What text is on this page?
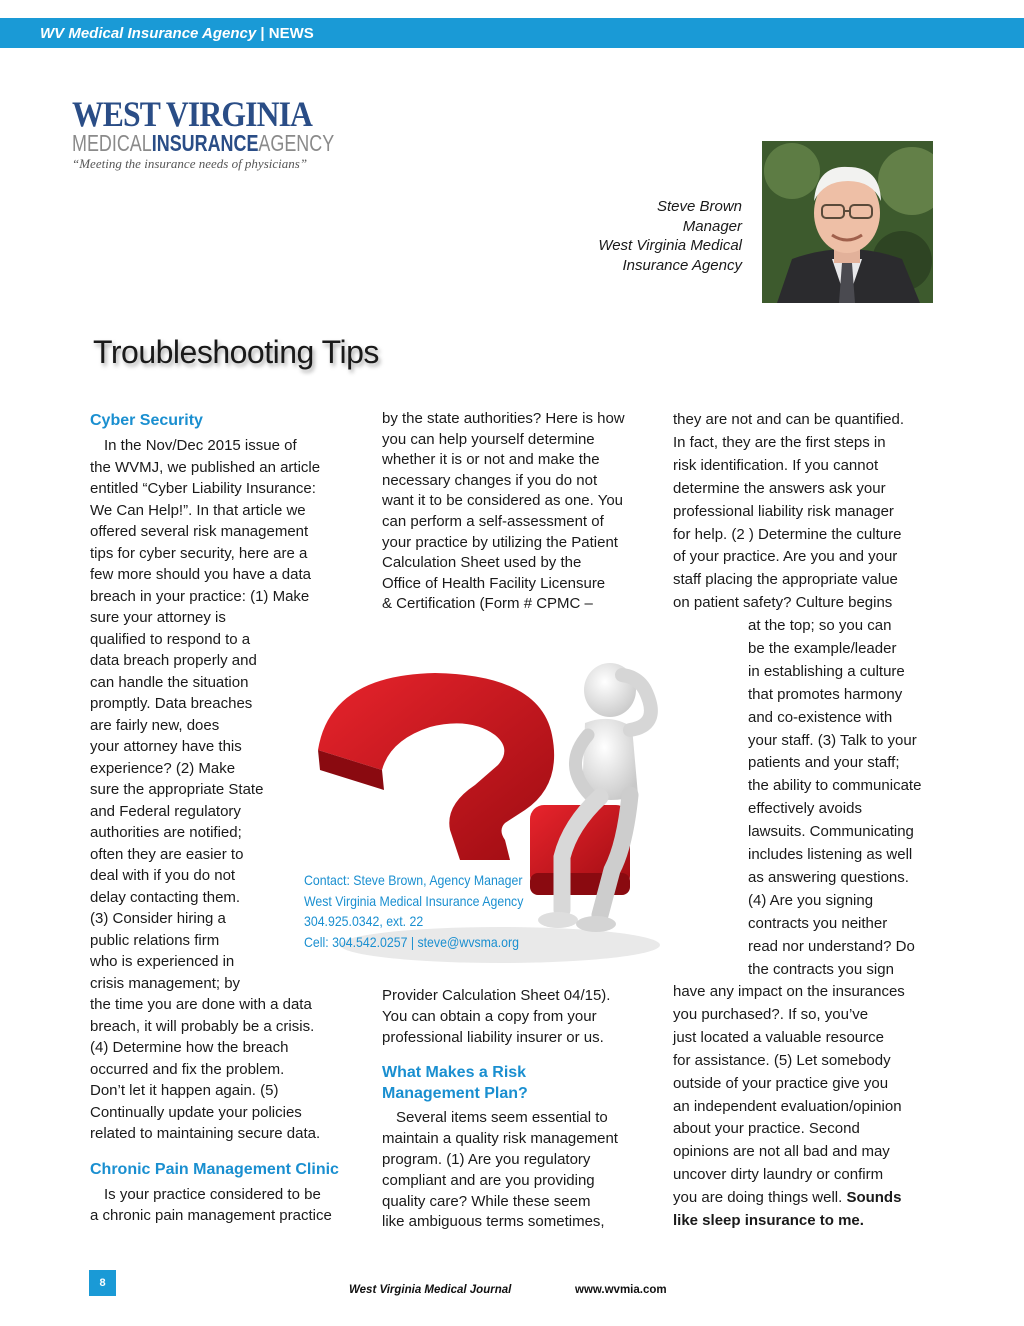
WV Medical Insurance Agency | NEWS
WEST VIRGINIA
MEDICALINSURANCEAGENCY
“Meeting the insurance needs of physicians”
Steve Brown
Manager
West Virginia Medical
Insurance Agency
Troubleshooting Tips
Cyber Security
In the Nov/Dec 2015 issue of
the WVMJ, we published an article
entitled “Cyber Liability Insurance:
We Can Help!”. In that article we
offered several risk management
tips for cyber security, here are a
few more should you have a data
breach in your practice: (1) Make
sure your attorney is
qualified to respond to a
data breach properly and
can handle the situation
promptly. Data breaches
are fairly new, does
your attorney have this
experience? (2) Make
sure the appropriate State
and Federal regulatory
authorities are notified;
often they are easier to
deal with if you do not
delay contacting them.
(3) Consider hiring a
public relations firm
who is experienced in
crisis management; by
the time you are done with a data
breach, it will probably be a crisis.
(4) Determine how the breach
occurred and fix the problem.
Don’t let it happen again. (5)
Continually update your policies
related to maintaining secure data.
Chronic Pain Management Clinic
Is your practice considered to be
a chronic pain management practice
by the state authorities? Here is how
you can help yourself determine
whether it is or not and make the
necessary changes if you do not
want it to be considered as one. You
can perform a self-assessment of
your practice by utilizing the Patient
Calculation Sheet used by the
Office of Health Facility Licensure
& Certification (Form # CPMC –
Provider Calculation Sheet 04/15).
You can obtain a copy from your
professional liability insurer or us.
What Makes a Risk
Management Plan?
Several items seem essential to
maintain a quality risk management
program. (1) Are you regulatory
compliant and are you providing
quality care? While these seem
like ambiguous terms sometimes,
they are not and can be quantified.
In fact, they are the first steps in
risk identification. If you cannot
determine the answers ask your
professional liability risk manager
for help. (2 ) Determine the culture
of your practice. Are you and your
staff placing the appropriate value
on patient safety? Culture begins
at the top; so you can
be the example/leader
in establishing a culture
that promotes harmony
and co-existence with
your staff. (3) Talk to your
patients and your staff;
the ability to communicate
effectively avoids
lawsuits. Communicating
includes listening as well
as answering questions.
(4) Are you signing
contracts you neither
read nor understand? Do
the contracts you sign
have any impact on the insurances
you purchased?. If so, you’ve
just located a valuable resource
for assistance. (5) Let somebody
outside of your practice give you
an independent evaluation/opinion
about your practice. Second
opinions are not all bad and may
uncover dirty laundry or confirm
you are doing things well. Sounds
like sleep insurance to me.
Contact: Steve Brown, Agency Manager
West Virginia Medical Insurance Agency
304.925.0342, ext. 22
Cell: 304.542.0257 | steve@wvsma.org
8
West Virginia Medical Journal	www.wvmia.com
